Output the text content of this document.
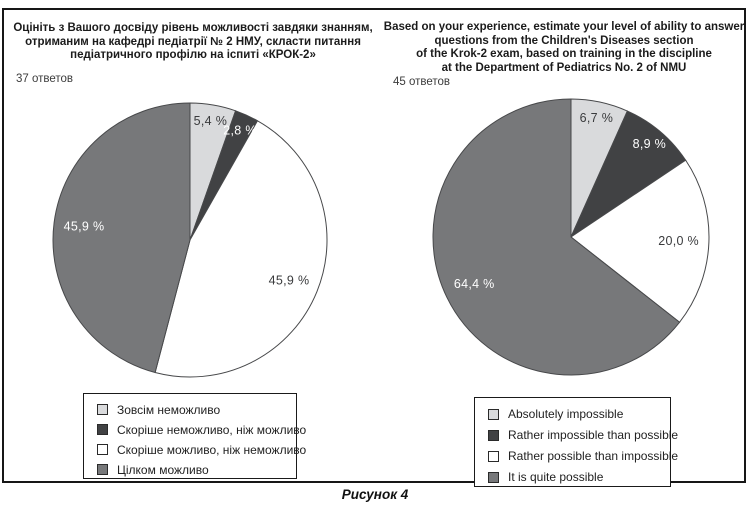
Оцініть з Вашого досвіду рівень можливості завдяки знанням,
отриманим на кафедрі педіатрії № 2 НМУ, скласти питання
педіатричного профілю на іспиті «КРОК-2»
37 ответов
5,4 %
2,8 %
45,9 %
45,9 %
Зовсім неможливо
Скоріше неможливо, ніж можливо
Скоріше можливо, ніж неможливо
Цілком можливо
Based on your experience, estimate your level of ability to answer
questions from the Children's Diseases section
of the Krok-2 exam, based on training in the discipline
at the Department of Pediatrics No. 2 of NMU
45 ответов
6,7 %
8,9 %
20,0 %
64,4 %
Absolutely impossible
Rather impossible than possible
Rather possible than impossible
It is quite possible
Рисунок 4
